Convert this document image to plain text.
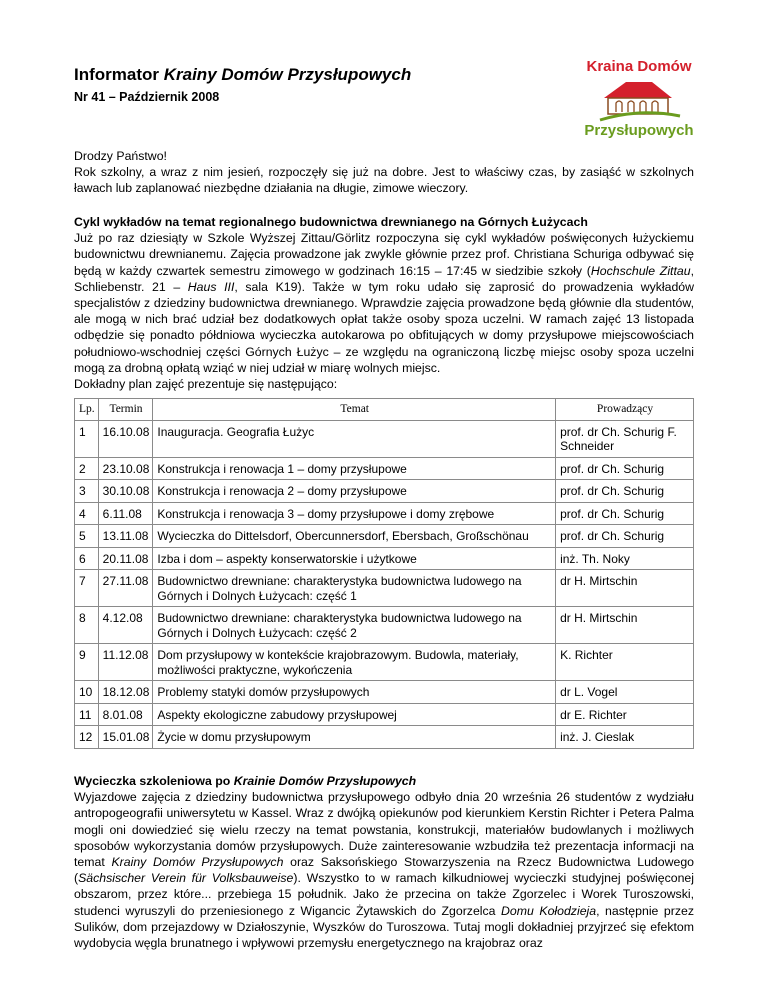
Informator Krainy Domów Przysłupowych
Nr 41 – Październik 2008
Kraina Domów
Przysłupowych

Drodzy Państwo!

Rok szkolny, a wraz z nim jesień, rozpoczęły się już na dobre. Jest to właściwy czas, by zasiąść w szkolnych ławach lub zaplanować niezbędne działania na długie, zimowe wieczory.

Cykl wykładów na temat regionalnego budownictwa drewnianego na Górnych Łużycach

Już po raz dziesiąty w Szkole Wyższej Zittau/Görlitz rozpoczyna się cykl wykładów poświęconych łużyckiemu budownictwu drewnianemu. Zajęcia prowadzone jak zwykle głównie przez prof. Christiana Schuriga odbywać się będą w każdy czwartek semestru zimowego w godzinach 16:15 – 17:45 w siedzibie szkoły (Hochschule Zittau, Schliebenstr. 21 – Haus III, sala K19). Także w tym roku udało się zaprosić do prowadzenia wykładów specjalistów z dziedziny budownictwa drewnianego. Wprawdzie zajęcia prowadzone będą głównie dla studentów, ale mogą w nich brać udział bez dodatkowych opłat także osoby spoza uczelni. W ramach zajęć 13 listopada odbędzie się ponadto półdniowa wycieczka autokarowa po obfitujących w domy przysłupowe miejscowościach południowo-wschodniej części Górnych Łużyc – ze względu na ograniczoną liczbę miejsc osoby spoza uczelni mogą za drobną opłatą wziąć w niej udział w miarę wolnych miejsc.

Dokładny plan zajęć prezentuje się następująco:

Lp.	Termin	Temat	Prowadzący
1	16.10.08	Inauguracja. Geografia Łużyc	prof. dr Ch. Schurig F. Schneider
2	23.10.08	Konstrukcja i renowacja 1 – domy przysłupowe	prof. dr Ch. Schurig
3	30.10.08	Konstrukcja i renowacja 2 – domy przysłupowe	prof. dr Ch. Schurig
4	6.11.08	Konstrukcja i renowacja 3 – domy przysłupowe i domy zrębowe	prof. dr Ch. Schurig
5	13.11.08	Wycieczka do Dittelsdorf, Obercunnersdorf, Ebersbach, Großschönau	prof. dr Ch. Schurig
6	20.11.08	Izba i dom – aspekty konserwatorskie i użytkowe	inż. Th. Noky
7	27.11.08	Budownictwo drewniane: charakterystyka budownictwa ludowego na Górnych i Dolnych Łużycach: część 1	dr H. Mirtschin
8	4.12.08	Budownictwo drewniane: charakterystyka budownictwa ludowego na Górnych i Dolnych Łużycach: część 2	dr H. Mirtschin
9	11.12.08	Dom przysłupowy w kontekście krajobrazowym. Budowla, materiały, możliwości praktyczne, wykończenia	K. Richter
10	18.12.08	Problemy statyki domów przysłupowych	dr L. Vogel
11	8.01.08	Aspekty ekologiczne zabudowy przysłupowej	dr E. Richter
12	15.01.08	Życie w domu przysłupowym	inż. J. Cieslak

Wycieczka szkoleniowa po Krainie Domów Przysłupowych

Wyjazdowe zajęcia z dziedziny budownictwa przysłupowego odbyło dnia 20 września 26 studentów z wydziału antropogeografii uniwersytetu w Kassel. Wraz z dwójką opiekunów pod kierunkiem Kerstin Richter i Petera Palma mogli oni dowiedzieć się wielu rzeczy na temat powstania, konstrukcji, materiałów budowlanych i możliwych sposobów wykorzystania domów przysłupowych. Duże zainteresowanie wzbudziła też prezentacja informacji na temat Krainy Domów Przysłupowych oraz Saksońskiego Stowarzyszenia na Rzecz Budownictwa Ludowego (Sächsischer Verein für Volksbauweise). Wszystko to w ramach kilkudniowej wycieczki studyjnej poświęconej obszarom, przez które... przebiega 15 południk. Jako że przecina on także Zgorzelec i Worek Turoszowski, studenci wyruszyli do przeniesionego z Wigancic Żytawskich do Zgorzelca Domu Kołodzieja, następnie przez Sulików, dom przejazdowy w Działoszynie, Wyszków do Turoszowa. Tutaj mogli dokładniej przyjrzeć się efektom wydobycia węgla brunatnego i wpływowi przemysłu energetycznego na krajobraz oraz
